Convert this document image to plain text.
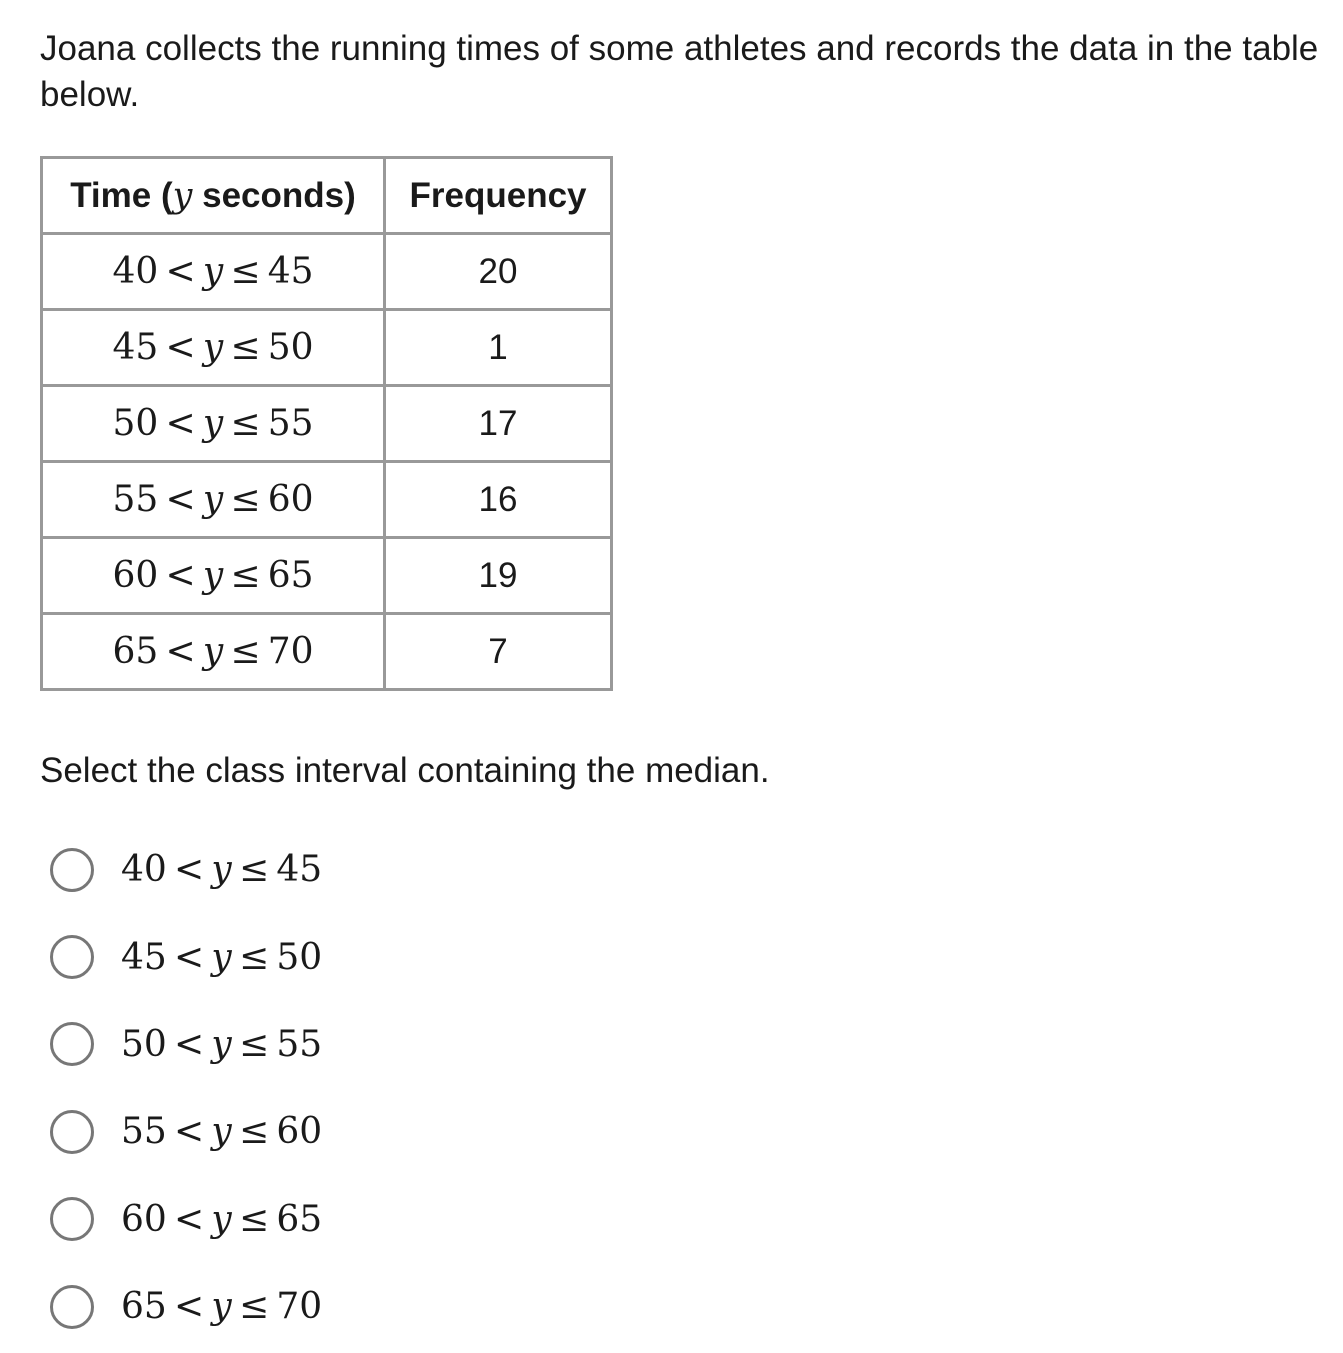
Joana collects the running times of some athletes and records the data in the table below.

Time (y seconds)	Frequency
40  <  y  ≤  45	20
45  <  y  ≤  50	1
50  <  y  ≤  55	17
55  <  y  ≤  60	16
60  <  y  ≤  65	19
65  <  y  ≤  70	7

Select the class interval containing the median.

40  <  y  ≤  45
45  <  y  ≤  50
50  <  y  ≤  55
55  <  y  ≤  60
60  <  y  ≤  65
65  <  y  ≤  70
